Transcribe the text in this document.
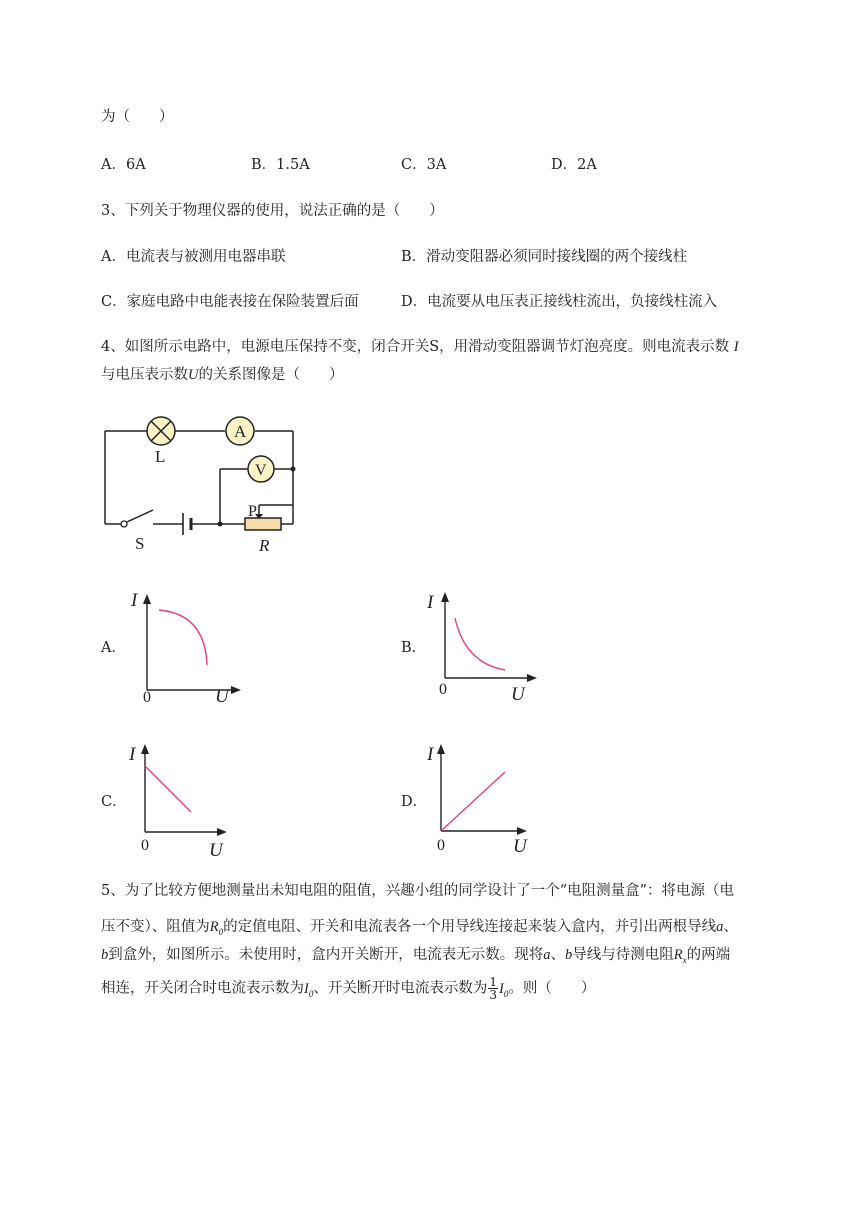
为（　　）
A．6A	B．1.5A	C．3A	D．2A
3、下列关于物理仪器的使用，说法正确的是（　　）
A．电流表与被测用电器串联	B．滑动变阻器必须同时接线圈的两个接线柱
C．家庭电路中电能表接在保险装置后面	D．电流要从电压表正接线柱流出，负接线柱流入
4、如图所示电路中，电源电压保持不变，闭合开关S，用滑动变阻器调节灯泡亮度。则电流表示数 I
与电压表示数U的关系图像是（　　）
L
A
V
S
P
R
A．
I
U
0
B．
I
U
0
C．
I
U
0
D．
I
U
0
5、为了比较方便地测量出未知电阻的阻值，兴趣小组的同学设计了一个“电阻测量盒”：将电源（电
压不变）、阻值为$R_0$的定值电阻、开关和电流表各一个用导线连接起来装入盒内，并引出两根导线a、
b到盒外，如图所示。未使用时，盒内开关断开，电流表无示数。现将a、b导线与待测电阻$R_x$的两端
相连，开关闭合时电流表示数为$I_0$、开关断开时电流表示数为 $\frac{1}{3} I_0$。则（　　）
